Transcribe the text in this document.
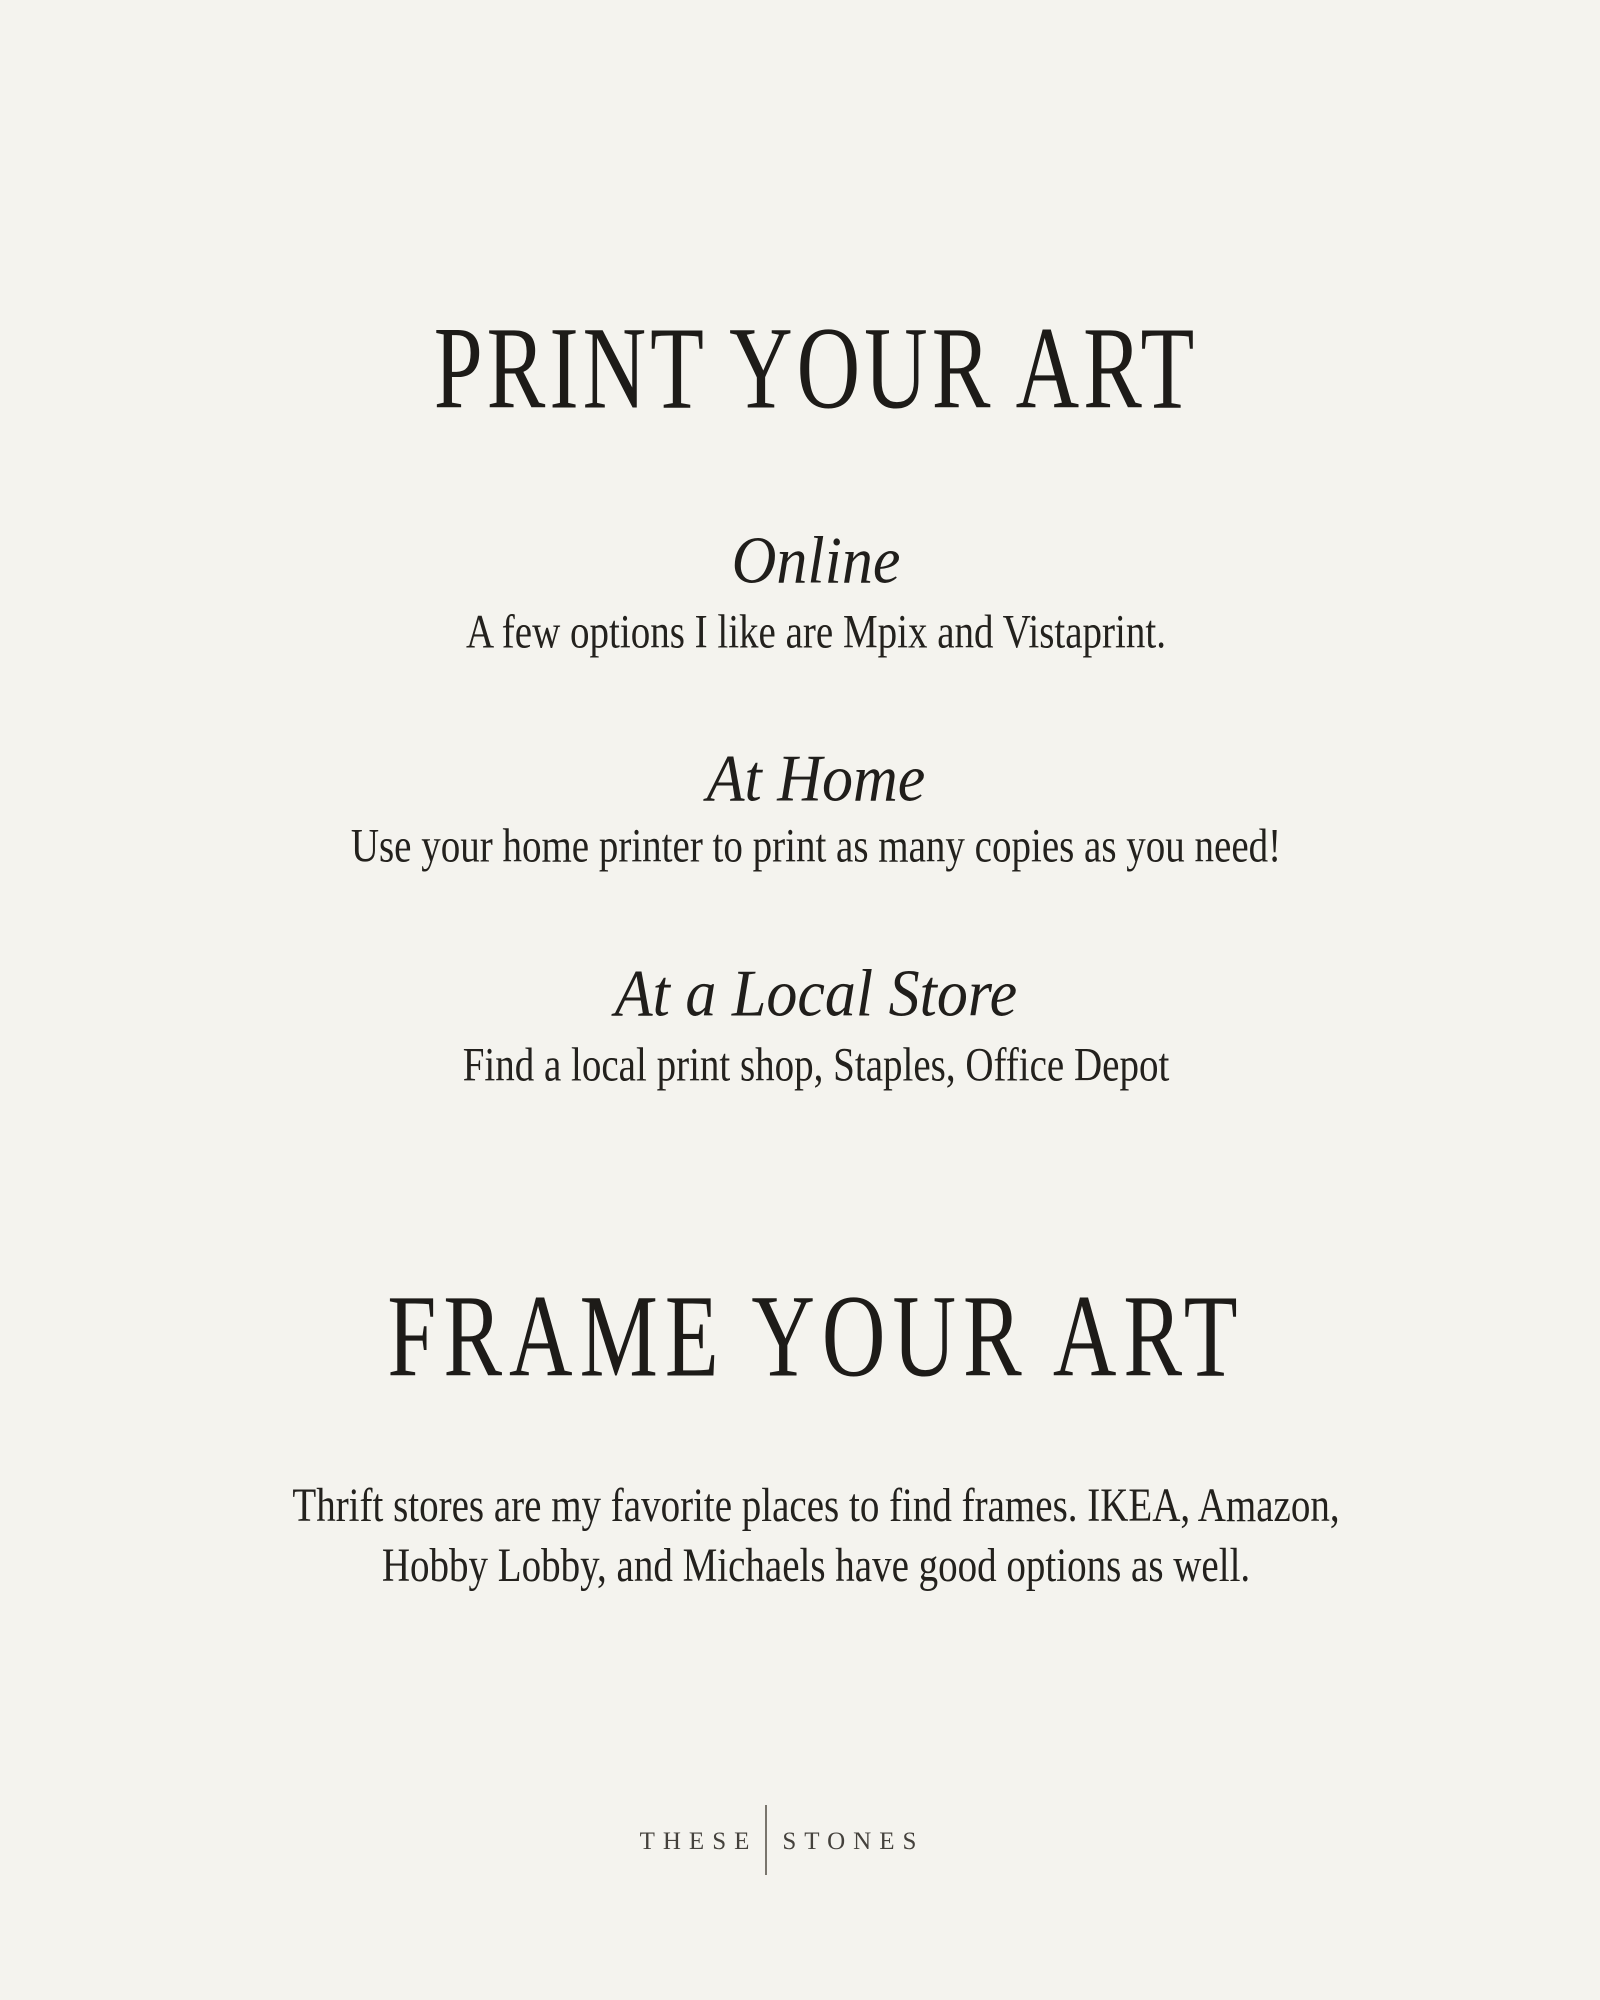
PRINT YOUR ART
Online
A few options I like are Mpix and Vistaprint.
At Home
Use your home printer to print as many copies as you need!
At a Local Store
Find a local print shop, Staples, Office Depot
FRAME YOUR ART
Thrift stores are my favorite places to find frames. IKEA, Amazon,
Hobby Lobby, and Michaels have good options as well.
THESE STONES
